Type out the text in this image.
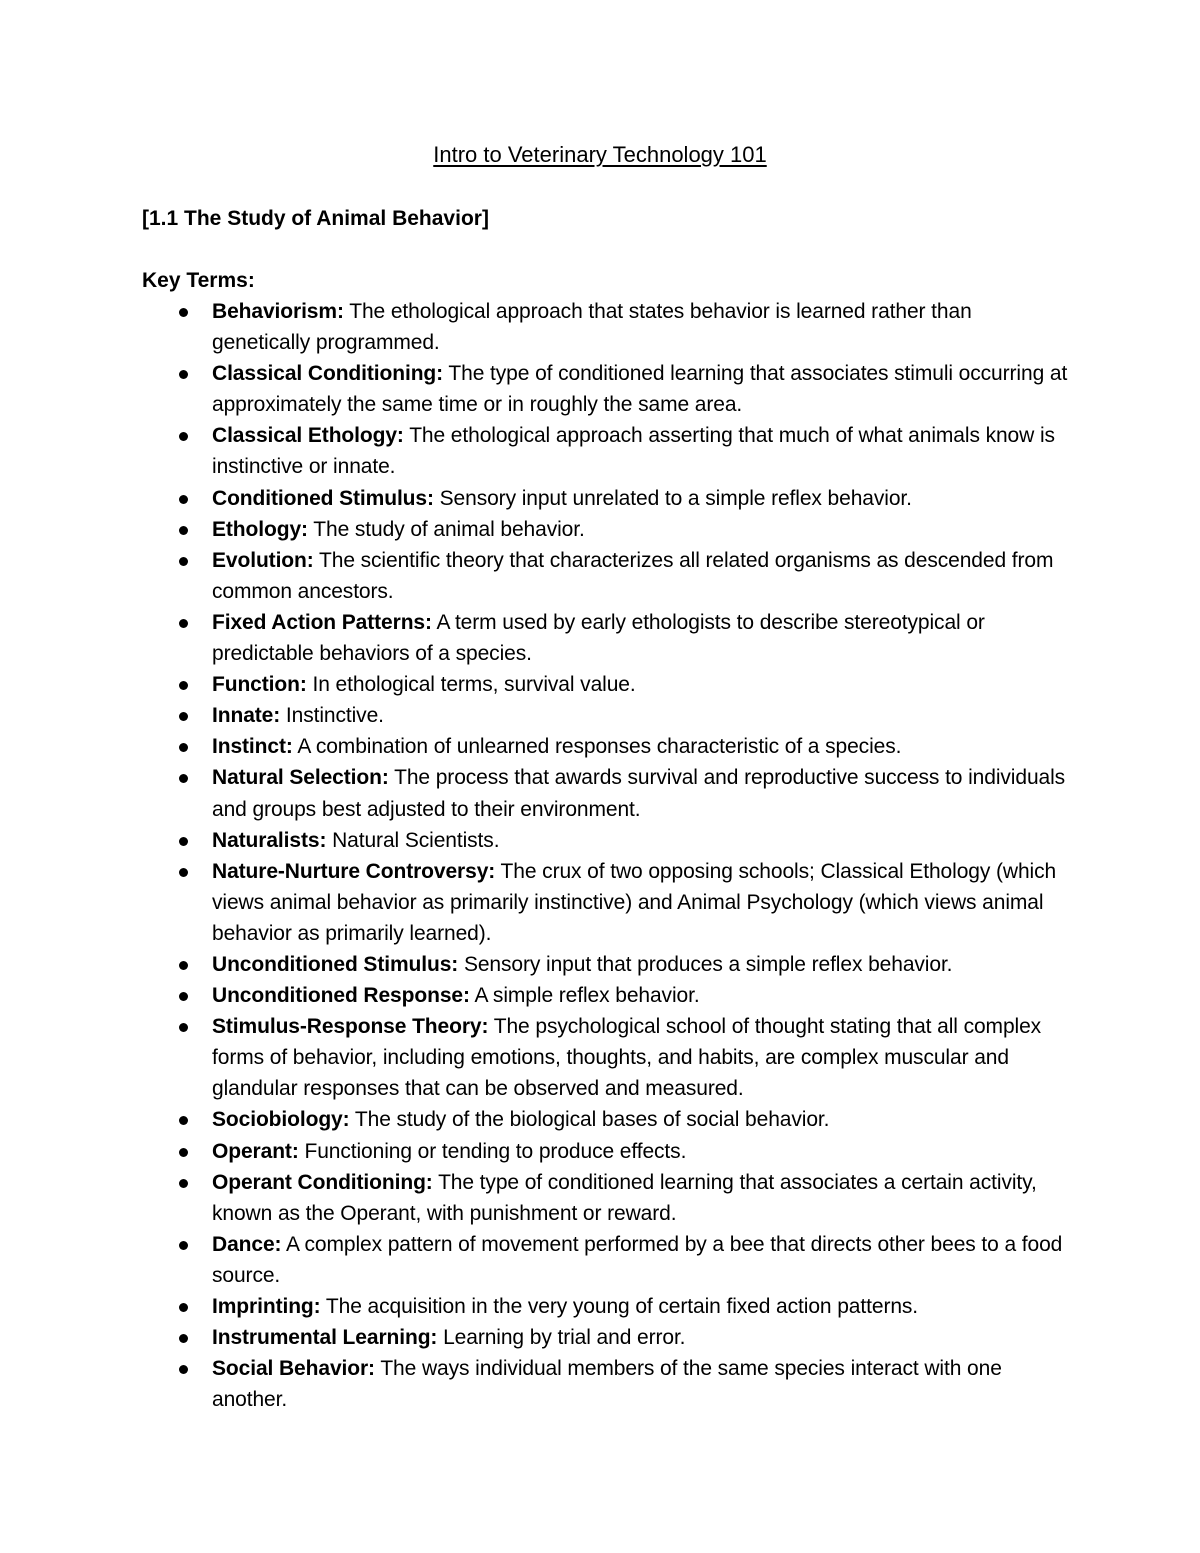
Intro to Veterinary Technology 101
[1.1 The Study of Animal Behavior]
Key Terms:
Behaviorism: The ethological approach that states behavior is learned rather than genetically programmed.
Classical Conditioning: The type of conditioned learning that associates stimuli occurring at approximately the same time or in roughly the same area.
Classical Ethology: The ethological approach asserting that much of what animals know is instinctive or innate.
Conditioned Stimulus: Sensory input unrelated to a simple reflex behavior.
Ethology: The study of animal behavior.
Evolution: The scientific theory that characterizes all related organisms as descended from common ancestors.
Fixed Action Patterns: A term used by early ethologists to describe stereotypical or predictable behaviors of a species.
Function: In ethological terms, survival value.
Innate: Instinctive.
Instinct: A combination of unlearned responses characteristic of a species.
Natural Selection: The process that awards survival and reproductive success to individuals and groups best adjusted to their environment.
Naturalists: Natural Scientists.
Nature-Nurture Controversy: The crux of two opposing schools; Classical Ethology (which views animal behavior as primarily instinctive) and Animal Psychology (which views animal behavior as primarily learned).
Unconditioned Stimulus: Sensory input that produces a simple reflex behavior.
Unconditioned Response: A simple reflex behavior.
Stimulus-Response Theory: The psychological school of thought stating that all complex forms of behavior, including emotions, thoughts, and habits, are complex muscular and glandular responses that can be observed and measured.
Sociobiology: The study of the biological bases of social behavior.
Operant: Functioning or tending to produce effects.
Operant Conditioning: The type of conditioned learning that associates a certain activity, known as the Operant, with punishment or reward.
Dance: A complex pattern of movement performed by a bee that directs other bees to a food source.
Imprinting: The acquisition in the very young of certain fixed action patterns.
Instrumental Learning: Learning by trial and error.
Social Behavior: The ways individual members of the same species interact with one another.
